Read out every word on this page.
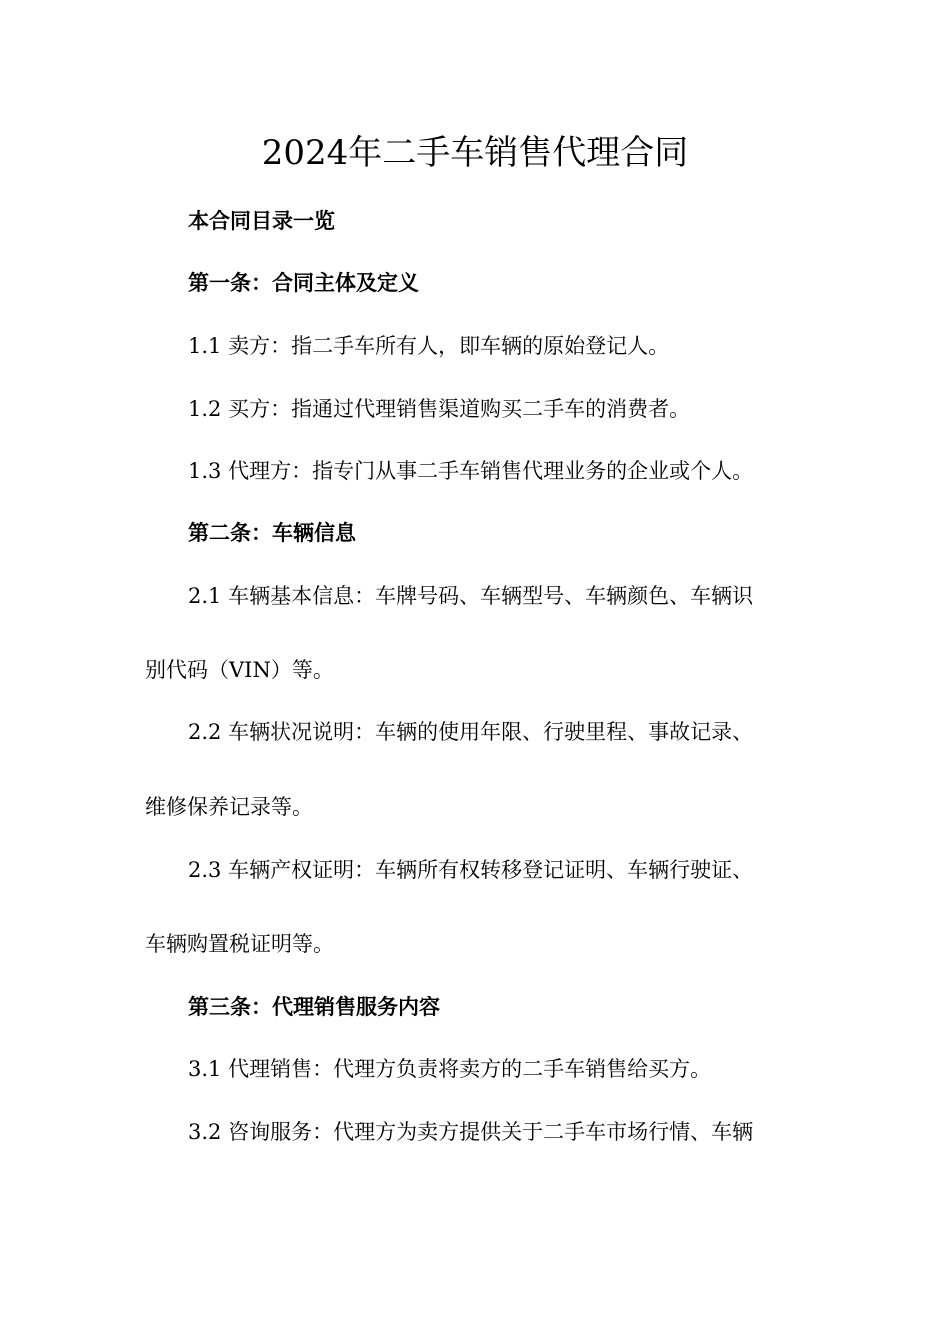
2024年二手车销售代理合同

本合同目录一览

第一条：合同主体及定义

1.1 卖方：指二手车所有人，即车辆的原始登记人。

1.2 买方：指通过代理销售渠道购买二手车的消费者。

1.3 代理方：指专门从事二手车销售代理业务的企业或个人。

第二条：车辆信息

2.1 车辆基本信息：车牌号码、车辆型号、车辆颜色、车辆识

别代码（VIN）等。

2.2 车辆状况说明：车辆的使用年限、行驶里程、事故记录、

维修保养记录等。

2.3 车辆产权证明：车辆所有权转移登记证明、车辆行驶证、

车辆购置税证明等。

第三条：代理销售服务内容

3.1 代理销售：代理方负责将卖方的二手车销售给买方。

3.2 咨询服务：代理方为卖方提供关于二手车市场行情、车辆
